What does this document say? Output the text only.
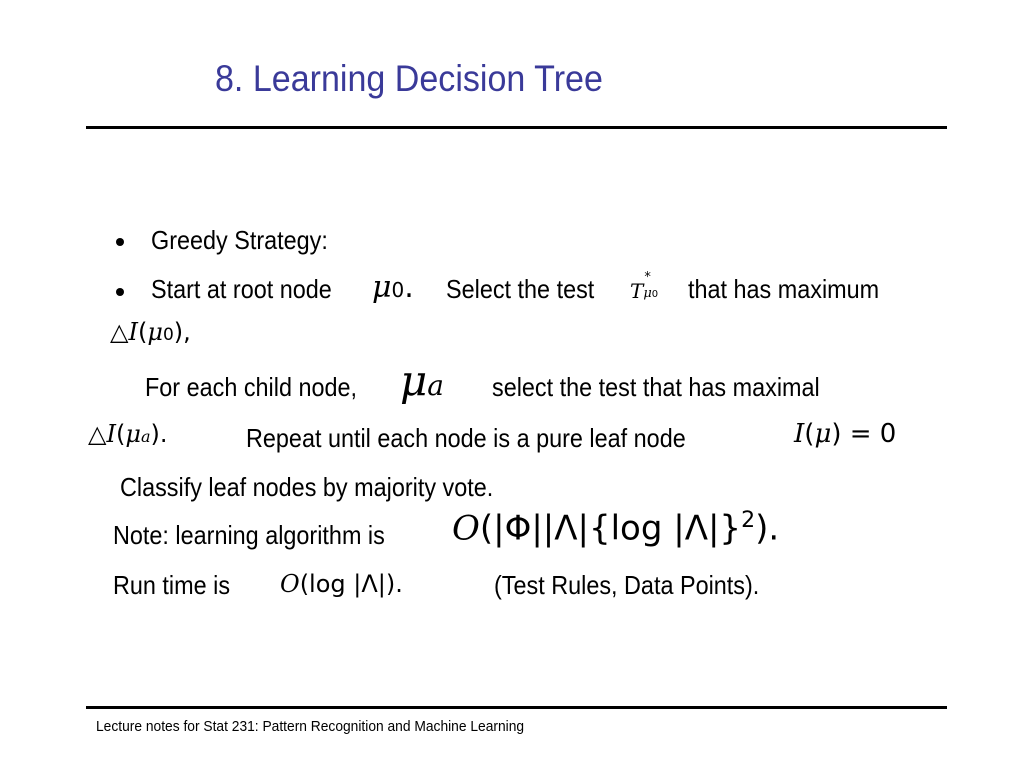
8. Learning Decision Tree
Greedy Strategy:
Start at root node μ0. Select the test T
*
μ0 that has maximum
△I(μ0),
For each child node, μa select the test that has maximal
△I(μa).	Repeat until each node is a pure leaf node	I(μ) = 0
Classify leaf nodes by majority vote.
Note: learning algorithm is O(|Φ||Λ|{log |Λ|}$^2$).
Run time is O(log |Λ|).	(Test Rules, Data Points).
Lecture notes for Stat 231: Pattern Recognition and Machine Learning
